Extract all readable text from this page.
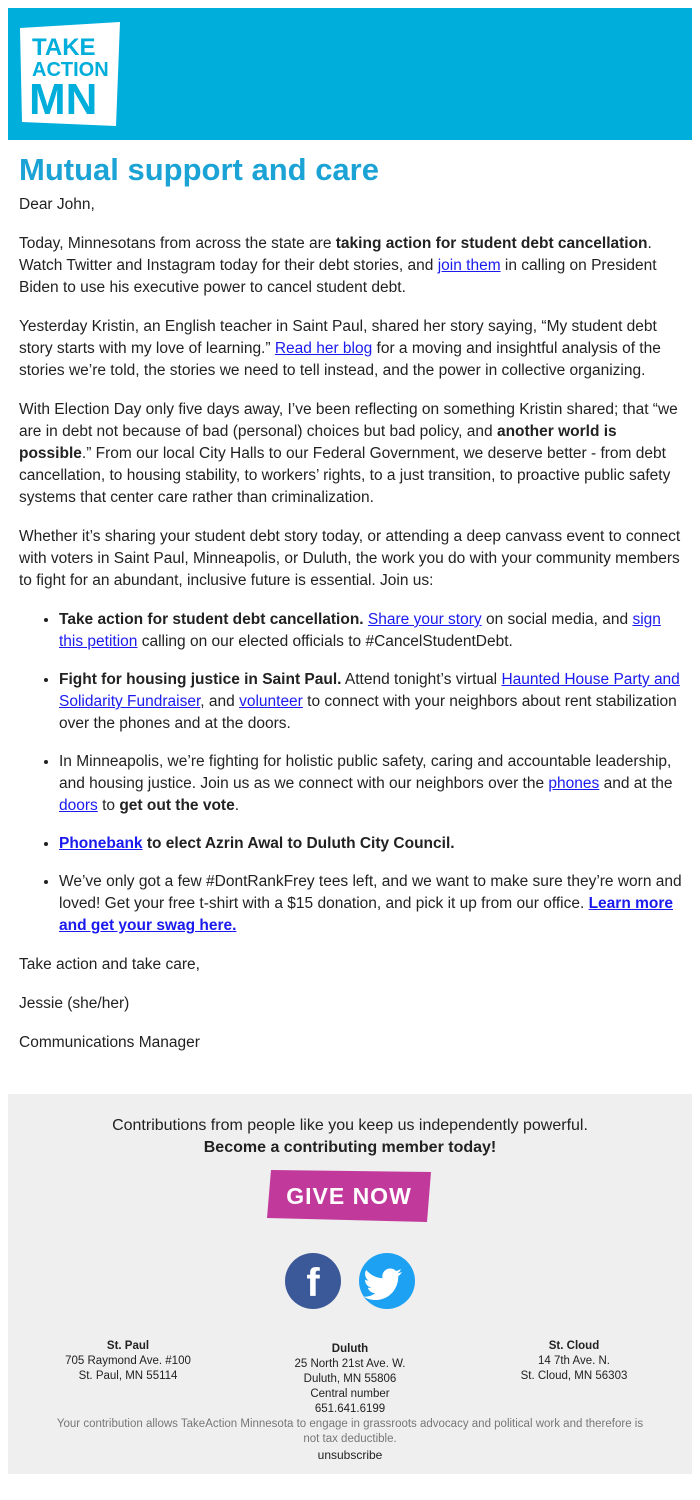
TAKE
ACTION
MN
Mutual support and care

Dear John,

Today, Minnesotans from across the state are taking action for student debt cancellation. Watch Twitter and Instagram today for their debt stories, and join them in calling on President Biden to use his executive power to cancel student debt.

Yesterday Kristin, an English teacher in Saint Paul, shared her story saying, “My student debt story starts with my love of learning.” Read her blog for a moving and insightful analysis of the stories we’re told, the stories we need to tell instead, and the power in collective organizing.

With Election Day only five days away, I’ve been reflecting on something Kristin shared; that “we are in debt not because of bad (personal) choices but bad policy, and another world is possible.” From our local City Halls to our Federal Government, we deserve better - from debt cancellation, to housing stability, to workers’ rights, to a just transition, to proactive public safety systems that center care rather than criminalization.

Whether it’s sharing your student debt story today, or attending a deep canvass event to connect with voters in Saint Paul, Minneapolis, or Duluth, the work you do with your community members to fight for an abundant, inclusive future is essential. Join us:

• Take action for student debt cancellation. Share your story on social media, and sign this petition calling on our elected officials to #CancelStudentDebt.
• Fight for housing justice in Saint Paul. Attend tonight’s virtual Haunted House Party and Solidarity Fundraiser, and volunteer to connect with your neighbors about rent stabilization over the phones and at the doors.
• In Minneapolis, we’re fighting for holistic public safety, caring and accountable leadership, and housing justice. Join us as we connect with our neighbors over the phones and at the doors to get out the vote.
• Phonebank to elect Azrin Awal to Duluth City Council.
• We’ve only got a few #DontRankFrey tees left, and we want to make sure they’re worn and loved! Get your free t-shirt with a $15 donation, and pick it up from our office. Learn more and get your swag here.

Take action and take care,

Jessie (she/her)

Communications Manager

Contributions from people like you keep us independently powerful.
Become a contributing member today!
GIVE NOW
f
St. Paul
705 Raymond Ave. #100
St. Paul, MN 55114
Duluth
25 North 21st Ave. W.
Duluth, MN 55806
Central number
651.641.6199
St. Cloud
14 7th Ave. N.
St. Cloud, MN 56303
Your contribution allows TakeAction Minnesota to engage in grassroots advocacy and political work and therefore is not tax deductible.
unsubscribe
